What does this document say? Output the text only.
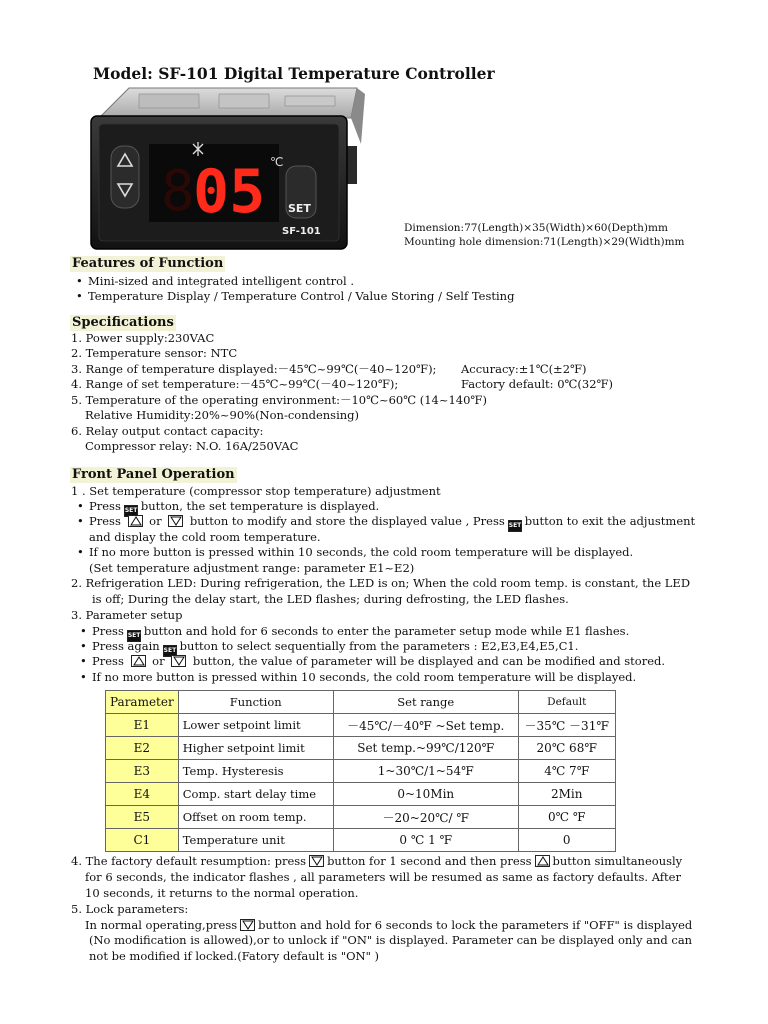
Model: SF-101 Digital Temperature Controller
8
05 ℃
SET
SF-101	Dimension:77(Length)×35(Width)×60(Depth)mm
Mounting hole dimension:71(Length)×29(Width)mm
Features of Function
• Mini-sized and integrated intelligent control .
• Temperature Display / Temperature Control / Value Storing / Self Testing
Specifications
1. Power supply:230VAC
2. Temperature sensor: NTC
3. Range of temperature displayed:－45℃~99℃(－40~120℉); Accuracy:±1℃(±2℉)
4. Range of set temperature:－45℃~99℃(－40~120℉);	Factory default: 0℃(32℉)
5. Temperature of the operating environment:－10℃~60℃ (14~140℉)
Relative Humidity:20%~90%(Non-condensing)
6. Relay output contact capacity:
Compressor relay: N.O. 16A/250VAC
Front Panel Operation
1 . Set temperature (compressor stop temperature) adjustment
• Press SET button, the set temperature is displayed.
• Press or button to modify and store the displayed value , Press SET button to exit the adjustment
and display the cold room temperature.
• If no more button is pressed within 10 seconds, the cold room temperature will be displayed.
(Set temperature adjustment range: parameter E1~E2)
2. Refrigeration LED: During refrigeration, the LED is on; When the cold room temp. is constant, the LED
is off; During the delay start, the LED flashes; during defrosting, the LED flashes.
3. Parameter setup
• Press SET button and hold for 6 seconds to enter the parameter setup mode while E1 flashes.
• Press again SET button to select sequentially from the parameters : E2,E3,E4,E5,C1.
• Press or button, the value of parameter will be displayed and can be modified and stored.
• If no more button is pressed within 10 seconds, the cold room temperature will be displayed.
Parameter	Function	Set range	Default
E1	Lower setpoint limit	－45℃/－40℉ ~Set temp.	－35℃ －31℉
E2	Higher setpoint limit	Set temp.~99℃/120℉	20℃ 68℉
E3	Temp. Hysteresis	1~30℃/1~54℉	4℃ 7℉
E4	Comp. start delay time	0~10Min	2Min
E5	Offset on room temp.	－20~20℃/ ℉	0℃ ℉
C1	Temperature unit	0 ℃ 1 ℉	0
4. The factory default resumption: press button for 1 second and then press button simultaneously
for 6 seconds, the indicator flashes , all parameters will be resumed as same as factory defaults. After
10 seconds, it returns to the normal operation.
5. Lock parameters:
In normal operating,press button and hold for 6 seconds to lock the parameters if "OFF" is displayed
(No modification is allowed),or to unlock if "ON" is displayed. Parameter can be displayed only and can
not be modified if locked.(Fatory default is "ON" )
